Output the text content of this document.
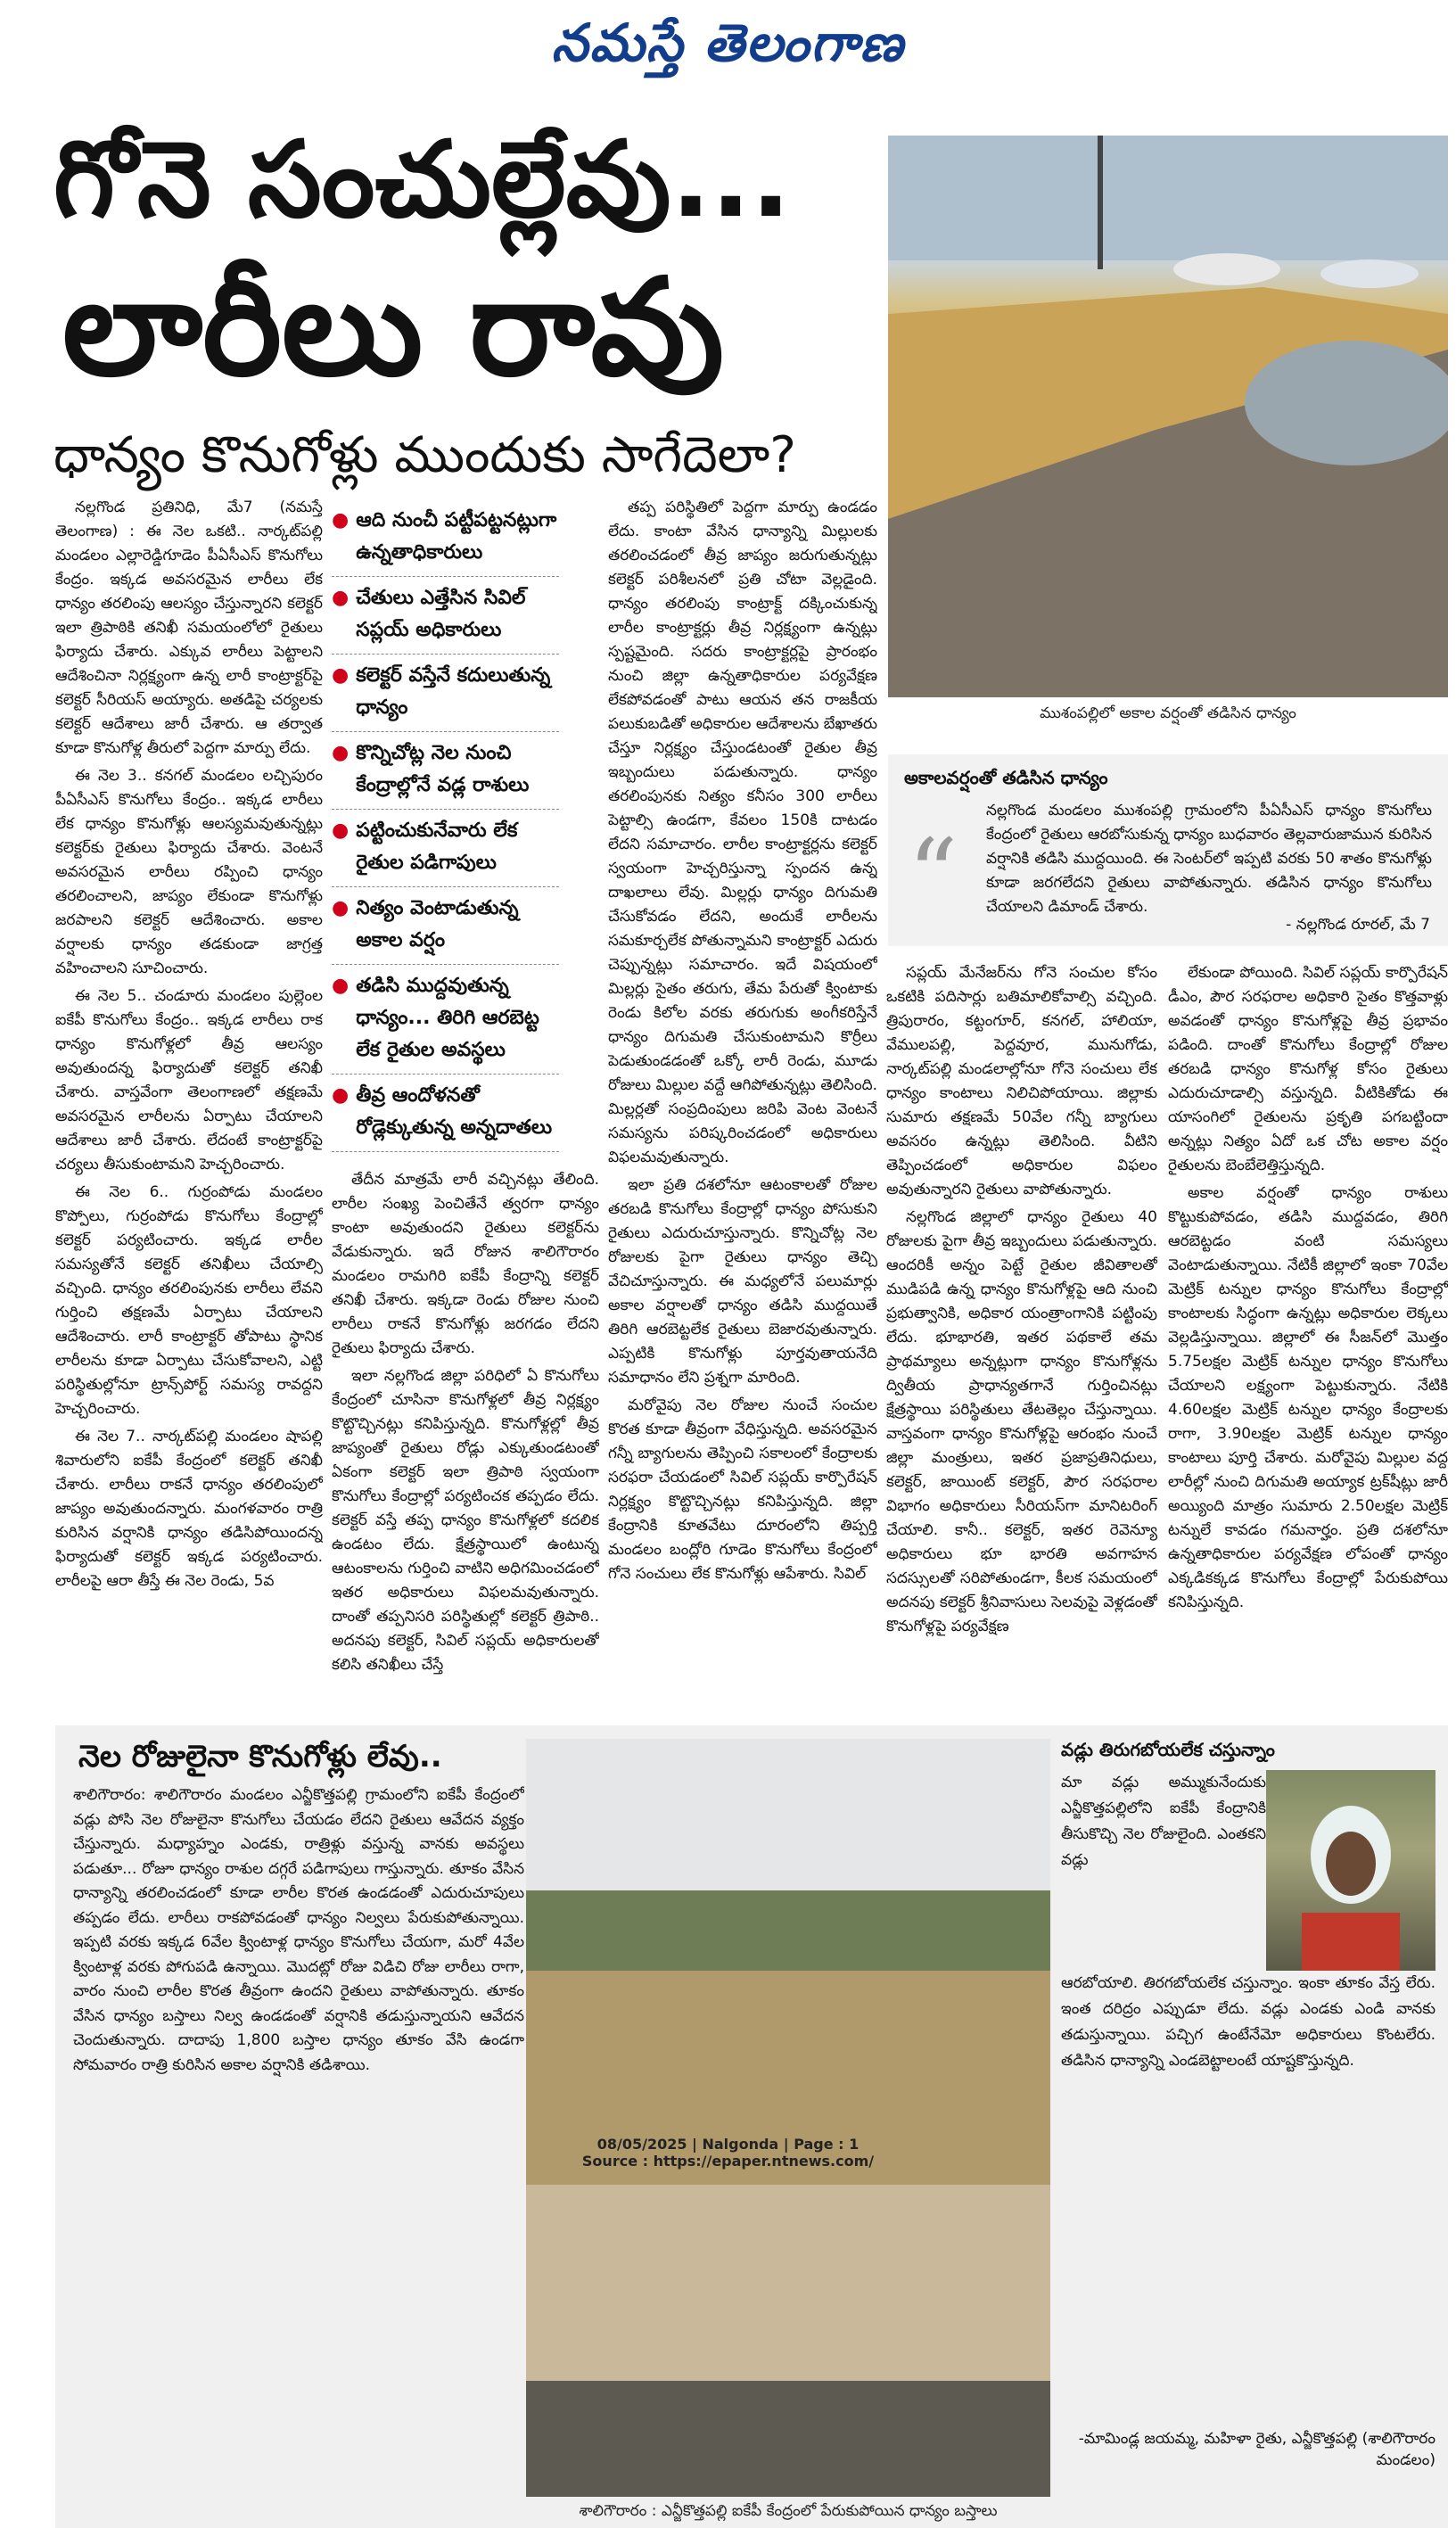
నమస్తే తెలంగాణ
గోనె సంచుల్లేవు...
లారీలు రావు
ధాన్యం కొనుగోళ్లు ముందుకు సాగేదెలా?
ముశంపల్లిలో అకాల వర్షంతో తడిసిన ధాన్యం

నల్లగొండ ప్రతినిధి, మే7 (నమస్తే తెలంగాణ) : ఈ నెల ఒకటి.. నార్కట్‌పల్లి మండలం ఎల్లారెడ్డిగూడెం పీఏసీఎస్ కొనుగోలు కేంద్రం. ఇక్కడ అవసరమైన లారీలు లేక ధాన్యం తరలింపు ఆలస్యం చేస్తున్నారని కలెక్టర్ ఇలా త్రిపాఠికి తనిఖీ సమయంలోలో రైతులు ఫిర్యాదు చేశారు. ఎక్కువ లారీలు పెట్టాలని ఆదేశించినా నిర్లక్ష్యంగా ఉన్న లారీ కాంట్రాక్టర్‌పై కలెక్టర్ సీరియస్ అయ్యారు. అతడిపై చర్యలకు కలెక్టర్ ఆదేశాలు జారీ చేశారు. ఆ తర్వాత కూడా కొనుగోళ్ల తీరులో పెద్దగా మార్పు లేదు.

ఈ నెల 3.. కనగల్ మండలం లచ్చిపురం పీఏసీఎస్ కొనుగోలు కేంద్రం.. ఇక్కడ లారీలు లేక ధాన్యం కొనుగోళ్లు ఆలస్యమవుతున్నట్లు కలెక్టర్‌కు రైతులు ఫిర్యాదు చేశారు. వెంటనే అవసరమైన లారీలు రప్పించి ధాన్యం తరలించాలని, జాప్యం లేకుండా కొనుగోళ్లు జరపాలని కలెక్టర్ ఆదేశించారు. అకాల వర్షాలకు ధాన్యం తడకుండా జాగ్రత్త వహించాలని సూచించారు.

ఈ నెల 5.. చండూరు మండలం పుల్లెంల ఐకేపీ కొనుగోలు కేంద్రం.. ఇక్కడ లారీలు రాక ధాన్యం కొనుగోళ్లలో తీవ్ర ఆలస్యం అవుతుందన్న ఫిర్యాదుతో కలెక్టర్ తనిఖీ చేశారు. వాస్తవేంగా తెలంగాణలో తక్షణమే అవసరమైన లారీలను ఏర్పాటు చేయాలని ఆదేశాలు జారీ చేశారు. లేదంటే కాంట్రాక్టర్‌పై చర్యలు తీసుకుంటామని హెచ్చరించారు.

ఈ నెల 6.. గుర్రంపోడు మండలం కొప్పోలు, గుర్రంపోడు కొనుగోలు కేంద్రాల్లో కలెక్టర్ పర్యటించారు. ఇక్కడ లారీల సమస్యతోనే కలెక్టర్ తనిఖీలు చేయాల్సి వచ్చింది. ధాన్యం తరలింపునకు లారీలు లేవని గుర్తించి తక్షణమే ఏర్పాటు చేయాలని ఆదేశించారు. లారీ కాంట్రాక్టర్ తోపాటు స్థానిక లారీలను కూడా ఏర్పాటు చేసుకోవాలని, ఎట్టి పరిస్థితుల్లోనూ ట్రాన్స్‌పోర్ట్ సమస్య రావద్దని హెచ్చరించారు.

ఈ నెల 7.. నార్కట్‌పల్లి మండలం షాపల్లి శివారులోని ఐకేపీ కేంద్రంలో కలెక్టర్ తనిఖీ చేశారు. లారీలు రాకనే ధాన్యం తరలింపులో జాప్యం అవుతుందన్నారు. మంగళవారం రాత్రి కురిసిన వర్షానికి ధాన్యం తడిసిపోయిందన్న ఫిర్యాదుతో కలెక్టర్ ఇక్కడ పర్యటించారు. లారీలపై ఆరా తీస్తే ఈ నెల రెండు, 5వ

● ఆది నుంచీ పట్టీపట్టనట్లుగా ఉన్నతాధికారులు
● చేతులు ఎత్తేసిన సివిల్ సప్లయ్ అధికారులు
● కలెక్టర్ వస్తేనే కదులుతున్న ధాన్యం
● కొన్నిచోట్ల నెల నుంచి కేంద్రాల్లోనే వడ్ల రాశులు
● పట్టించుకునేవారు లేక రైతుల పడిగాపులు
● నిత్యం వెంటాడుతున్న అకాల వర్షం
● తడిసి ముద్దవుతున్న ధాన్యం... తిరిగి ఆరబెట్ట లేక రైతుల అవస్థలు
● తీవ్ర ఆందోళనతో రోడ్లెక్కుతున్న అన్నదాతలు

తేదీన మాత్రమే లారీ వచ్చినట్లు తేలింది. లారీల సంఖ్య పెంచితేనే త్వరగా ధాన్యం కాంటా అవుతుందని రైతులు కలెక్టర్‌ను వేడుకున్నారు. ఇదే రోజున శాలిగౌరారం మండలం రామగిరి ఐకేపీ కేంద్రాన్ని కలెక్టర్ తనిఖీ చేశారు. ఇక్కడా రెండు రోజుల నుంచి లారీలు రాకనే కొనుగోళ్లు జరగడం లేదని రైతులు ఫిర్యాదు చేశారు.

ఇలా నల్లగొండ జిల్లా పరిధిలో ఏ కొనుగోలు కేంద్రంలో చూసినా కొనుగోళ్లలో తీవ్ర నిర్లక్ష్యం కొట్టొచ్చినట్లు కనిపిస్తున్నది. కొనుగోళ్లల్లో తీవ్ర జాప్యంతో రైతులు రోడ్లు ఎక్కుతుండటంతో ఏకంగా కలెక్టర్ ఇలా త్రిపాఠి స్వయంగా కొనుగోలు కేంద్రాల్లో పర్యటించక తప్పడం లేదు. కలెక్టర్ వస్తే తప్ప ధాన్యం కొనుగోళ్లలో కదలిక ఉండటం లేదు. క్షేత్రస్థాయిలో ఉంటున్న ఆటంకాలను గుర్తించి వాటిని అధిగమించడంలో ఇతర అధికారులు విఫలమవుతున్నారు. దాంతో తప్పనిసరి పరిస్థితుల్లో కలెక్టర్ త్రిపాఠి.. అదనపు కలెక్టర్, సివిల్ సప్లయ్ అధికారులతో కలిసి తనిఖీలు చేస్తే

తప్ప పరిస్థితిలో పెద్దగా మార్పు ఉండడం లేదు. కాంటా వేసిన ధాన్యాన్ని మిల్లులకు తరలించడంలో తీవ్ర జాప్యం జరుగుతున్నట్లు కలెక్టర్ పరిశీలనలో ప్రతి చోటా వెల్లడైంది. ధాన్యం తరలింపు కాంట్రాక్ట్ దక్కించుకున్న లారీల కాంట్రాక్టర్లు తీవ్ర నిర్లక్ష్యంగా ఉన్నట్లు స్పష్టమైంది. సదరు కాంట్రాక్టర్లపై ప్రారంభం నుంచి జిల్లా ఉన్నతాధికారుల పర్యవేక్షణ లేకపోవడంతో పాటు ఆయన తన రాజకీయ పలుకుబడితో అధికారుల ఆదేశాలను బేఖాతరు చేస్తూ నిర్లక్ష్యం చేస్తుండటంతో రైతుల తీవ్ర ఇబ్బందులు పడుతున్నారు. ధాన్యం తరలింపునకు నిత్యం కనీసం 300 లారీలు పెట్టాల్సి ఉండగా, కేవలం 150కి దాటడం లేదని సమాచారం. లారీల కాంట్రాక్టర్లను కలెక్టర్ స్వయంగా హెచ్చరిస్తున్నా స్పందన ఉన్న దాఖలాలు లేవు. మిల్లర్లు ధాన్యం దిగుమతి చేసుకోవడం లేదని, అందుకే లారీలను సమకూర్చలేక పోతున్నామని కాంట్రాక్టర్ ఎదురు చెప్పున్నట్లు సమాచారం. ఇదే విషయంలో మిల్లర్లు సైతం తరుగు, తేమ పేరుతో క్వింటాకు రెండు కిలోల వరకు తరుగుకు అంగీకరిస్తేనే ధాన్యం దిగుమతి చేసుకుంటామని కొర్రీలు పెడుతుండడంతో ఒక్కో లారీ రెండు, మూడు రోజులు మిల్లుల వద్దే ఆగిపోతున్నట్లు తెలిసింది. మిల్లర్లతో సంప్రదింపులు జరిపి వెంట వెంటనే సమస్యను పరిష్కరించడంలో అధికారులు విఫలమవుతున్నారు.

ఇలా ప్రతి దశలోనూ ఆటంకాలతో రోజుల తరబడి కొనుగోలు కేంద్రాల్లో ధాన్యం పోసుకుని రైతులు ఎదురుచూస్తున్నారు. కొన్నిచోట్ల నెల రోజులకు పైగా రైతులు ధాన్యం తెచ్చి వేచిచూస్తున్నారు. ఈ మధ్యలోనే పలుమార్లు అకాల వర్షాలతో ధాన్యం తడిసి ముద్దయితే తిరిగి ఆరబెట్టలేక రైతులు బెజారవుతున్నారు. ఎప్పటికి కొనుగోళ్లు పూర్తవుతాయనేది సమాధానం లేని ప్రశ్నగా మారింది.

మరోవైపు నెల రోజుల నుంచే సంచుల కొరత కూడా తీవ్రంగా వేధిస్తున్నది. అవసరమైన గన్నీ బ్యాగులను తెప్పించి సకాలంలో కేంద్రాలకు సరఫరా చేయడంలో సివిల్ సప్లయ్ కార్పొరేషన్ నిర్లక్ష్యం కొట్టొచ్చినట్లు కనిపిస్తున్నది. జిల్లా కేంద్రానికి కూతవేటు దూరంలోని తిప్పర్తి మండలం బంద్లోరి గూడెం కొనుగోలు కేంద్రంలో గోనె సంచులు లేక కొనుగోళ్లు ఆపేశారు. సివిల్

అకాలవర్షంతో తడిసిన ధాన్యం
“
నల్లగొండ మండలం ముశంపల్లి గ్రామంలోని పీఏసీఎస్ ధాన్యం కొనుగోలు కేంద్రంలో రైతులు ఆరబోసుకున్న ధాన్యం బుధవారం తెల్లవారుజామున కురిసిన వర్షానికి తడిసి ముద్దయింది. ఈ సెంటర్‌లో ఇప్పటి వరకు 50 శాతం కొనుగోళ్లు కూడా జరగలేదని రైతులు వాపోతున్నారు. తడిసిన ధాన్యం కొనుగోలు చేయాలని డిమాండ్ చేశారు.
- నల్లగొండ రూరల్, మే 7

సప్లయ్ మేనేజర్‌ను గోనె సంచుల కోసం ఒకటికి పదిసార్లు బతిమాలికోవాల్సి వచ్చింది. త్రిపురారం, కట్టంగూర్, కనగల్, హాలియా, వేములపల్లి, పెద్దవూర, మునుగోడు, నార్కట్‌పల్లి మండలాల్లోనూ గోనె సంచులు లేక ధాన్యం కాంటాలు నిలిచిపోయాయి. జిల్లాకు సుమారు తక్షణమే 50వేల గన్నీ బ్యాగులు అవసరం ఉన్నట్లు తెలిసింది. వీటిని తెప్పించడంలో అధికారుల విఫలం అవుతున్నారని రైతులు వాపోతున్నారు.

నల్లగొండ జిల్లాలో ధాన్యం రైతులు 40 రోజులకు పైగా తీవ్ర ఇబ్బందులు పడుతున్నారు. ఆందరికీ అన్నం పెట్టే రైతుల జీవితాలతో ముడిపడి ఉన్న ధాన్యం కొనుగోళ్లపై ఆది నుంచి ప్రభుత్వానికి, అధికార యంత్రాంగానికి పట్టింపు లేదు. భూభారతి, ఇతర పథకాలే తమ ప్రాథమ్యాలు అన్నట్లుగా ధాన్యం కొనుగోళ్లను ద్వితీయ ప్రాధాన్యతగానే గుర్తించినట్లు క్షేత్రస్థాయి పరిస్థితులు తేటతెల్లం చేస్తున్నాయి. వాస్తవంగా ధాన్యం కొనుగోళ్లపై ఆరంభం నుంచే జిల్లా మంత్రులు, ఇతర ప్రజాప్రతినిధులు, కలెక్టర్, జాయింట్ కలెక్టర్, పౌర సరఫరాల విభాగం అధికారులు సీరియస్‌గా మానిటరింగ్ చేయాలి. కానీ.. కలెక్టర్, ఇతర రెవెన్యూ అధికారులు భూ భారతి అవగాహన సదస్సులతో సరిపోతుండగా, కీలక సమయంలో అదనపు కలెక్టర్ శ్రీనివాసులు సెలవుపై వెళ్లడంతో కొనుగోళ్లపై పర్యవేక్షణ

లేకుండా పోయింది. సివిల్ సప్లయ్ కార్పొరేషన్ డీఎం, పౌర సరఫరాల అధికారి సైతం కొత్తవాళ్లు అవడంతో ధాన్యం కొనుగోళ్లపై తీవ్ర ప్రభావం పడింది. దాంతో కొనుగోలు కేంద్రాల్లో రోజుల తరబడి ధాన్యం కొనుగోళ్ల కోసం రైతులు ఎదురుచూడాల్సి వస్తున్నది. వీటికితోడు ఈ యాసంగిలో రైతులను ప్రకృతి పగబట్టిందా అన్నట్లు నిత్యం ఏదో ఒక చోట అకాల వర్షం రైతులను బెంబేలెత్తిస్తున్నది.

అకాల వర్షంతో ధాన్యం రాశులు కొట్టుకుపోవడం, తడిసి ముద్దవడం, తిరిగి ఆరబెట్టడం వంటి సమస్యలు వెంటాడుతున్నాయి. నేటికీ జిల్లాలో ఇంకా 70వేల మెట్రిక్ టన్నుల ధాన్యం కొనుగోలు కేంద్రాల్లో కాంటాలకు సిద్ధంగా ఉన్నట్లు అధికారుల లెక్కలు వెల్లడిస్తున్నాయి. జిల్లాలో ఈ సీజన్‌లో మొత్తం 5.75లక్షల మెట్రిక్ టన్నుల ధాన్యం కొనుగోలు చేయాలని లక్ష్యంగా పెట్టుకున్నారు. నేటికి 4.60లక్షల మెట్రిక్ టన్నుల ధాన్యం కేంద్రాలకు రాగా, 3.90లక్షల మెట్రిక్ టన్నుల ధాన్యం కాంటాలు పూర్తి చేశారు. మరోవైపు మిల్లుల వద్ద లారీల్లో నుంచి దిగుమతి అయ్యాక ట్రక్‌షీట్లు జారీ అయ్యింది మాత్రం సుమారు 2.50లక్షల మెట్రిక్ టన్నులే కావడం గమనార్హం. ప్రతి దశలోనూ ఉన్నతాధికారుల పర్యవేక్షణ లోపంతో ధాన్యం ఎక్కడికక్కడ కొనుగోలు కేంద్రాల్లో పేరుకుపోయి కనిపిస్తున్నది.

నెల రోజులైనా కొనుగోళ్లు లేవు..
శాలిగౌరారం: శాలిగౌరారం మండలం ఎన్జీకొత్తపల్లి గ్రామంలోని ఐకేపీ కేంద్రంలో వడ్లు పోసి నెల రోజులైనా కొనుగోలు చేయడం లేదని రైతులు ఆవేదన వ్యక్తం చేస్తున్నారు. మధ్యాహ్నం ఎండకు, రాత్రిళ్లు వస్తున్న వానకు అవస్థలు పడుతూ... రోజూ ధాన్యం రాశుల దగ్గరే పడిగాపులు గాస్తున్నారు. తూకం వేసిన ధాన్యాన్ని తరలించడంలో కూడా లారీల కొరత ఉండడంతో ఎదురుచూపులు తప్పడం లేదు. లారీలు రాకపోవడంతో ధాన్యం నిల్వలు పేరుకుపోతున్నాయి. ఇప్పటి వరకు ఇక్కడ 6వేల క్వింటాళ్ల ధాన్యం కొనుగోలు చేయగా, మరో 4వేల క్వింటాళ్ల వరకు పోగుపడి ఉన్నాయి. మొదట్లో రోజు విడిచి రోజు లారీలు రాగా, వారం నుంచి లారీల కొరత తీవ్రంగా ఉందని రైతులు వాపోతున్నారు. తూకం వేసిన ధాన్యం బస్తాలు నిల్వ ఉండడంతో వర్షానికి తడుస్తున్నాయని ఆవేదన చెందుతున్నారు. దాదాపు 1,800 బస్తాల ధాన్యం తూకం వేసి ఉండగా సోమవారం రాత్రి కురిసిన అకాల వర్షానికి తడిశాయి.
శాలిగౌరారం : ఎన్జీకొత్తపల్లి ఐకేపీ కేంద్రంలో పేరుకుపోయిన ధాన్యం బస్తాలు
వడ్లు తిరుగబోయలేక చస్తున్నాం
మా వడ్లు అమ్ముకునేందుకు ఎన్జీకొత్తపల్లిలోని ఐకేపీ కేంద్రానికి తీసుకొచ్చి నెల రోజులైంది. ఎంతకని వడ్లు
ఆరబోయాలి. తిరగబోయలేక చస్తున్నాం. ఇంకా తూకం వేస్త లేరు. ఇంత దరిద్రం ఎప్పుడూ లేదు. వడ్లు ఎండకు ఎండి వానకు తడుస్తున్నాయి. పచ్చిగ ఉంటేనేమో అధికారులు కొంటలేరు. తడిసిన ధాన్యాన్ని ఎండబెట్టాలంటే యాష్టకొస్తున్నది.
-మామిండ్ల జయమ్మ, మహిళా రైతు, ఎన్జీకొత్తపల్లి (శాలిగౌరారం మండలం)
08/05/2025 | Nalgonda | Page : 1
Source : https://epaper.ntnews.com/
